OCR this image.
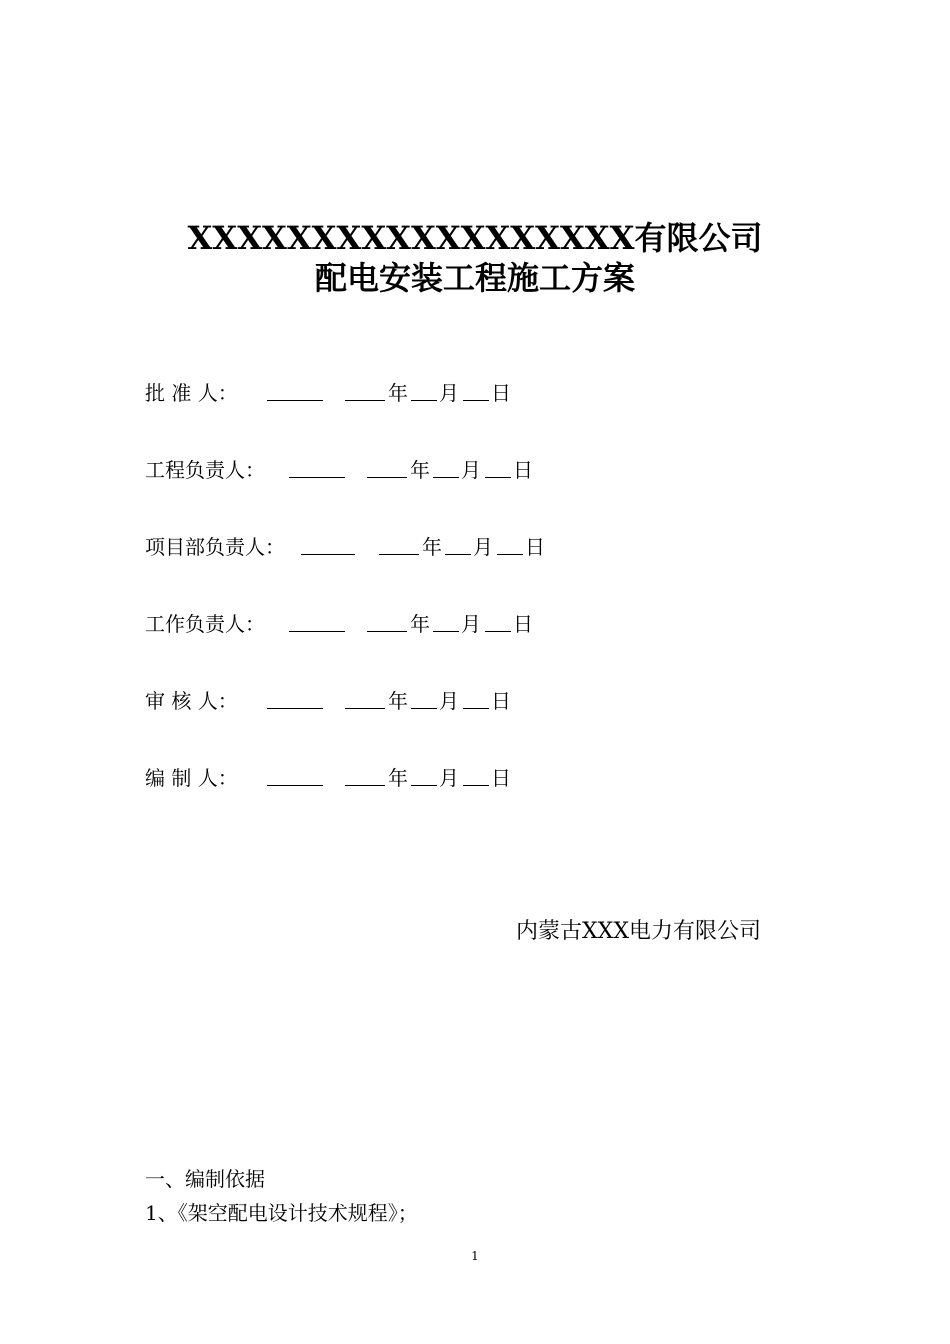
XXXXXXXXXXXXXXXXXX有限公司
配电安装工程施工方案
批 准 人：	年 月 日
工程负责人：	年 月 日
项目部负责人：	年 月 日
工作负责人：	年 月 日
审 核 人：	年 月 日
编 制 人：	年 月 日
内蒙古XXX电力有限公司
一、编制依据
1、《架空配电设计技术规程》；
1
